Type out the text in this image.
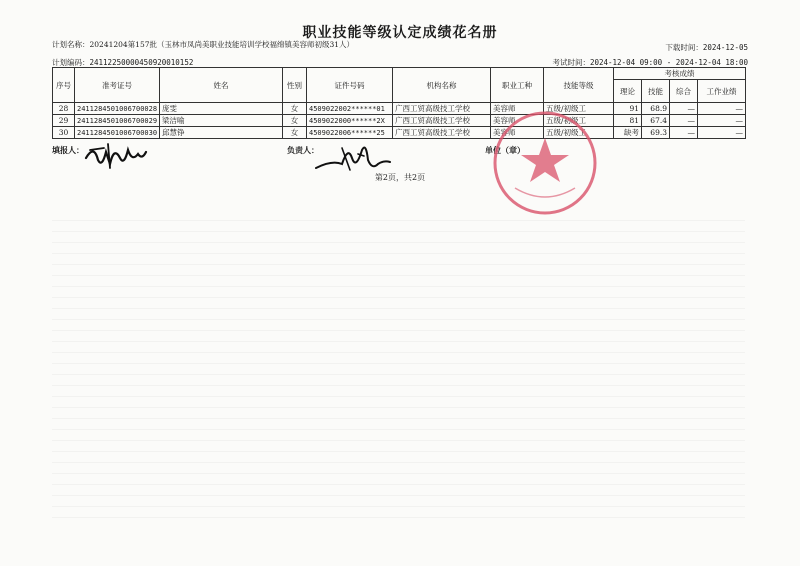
职业技能等级认定成绩花名册
计划名称：20241204第157批（玉林市凤尚美职业技能培训学校福绵镇美容师初级31人）	下载时间：2024-12-05
计划编码：24112250000450920010152	考试时间：2024-12-04 09:00 - 2024-12-04 18:00
序号	准考证号	姓名	性别	证件号码	机构名称	职业工种	技能等级	考核成绩			
								理论	技能	综合	工作业绩
28	2411284501006700028	庞雯	女	4509022002******01	广西工贸高级技工学校	美容师	五级/初级工	91	68.9	—	—
29	2411284501006700029	梁洁喻	女	4509022000******2X	广西工贸高级技工学校	美容师	五级/初级工	81	67.4	—	—
30	2411284501006700030	邱慧铮	女	4509022006******25	广西工贸高级技工学校	美容师	五级/初级工	缺考	69.3	—	—
填报人：	负责人：	单位（章）
第2页，共2页
